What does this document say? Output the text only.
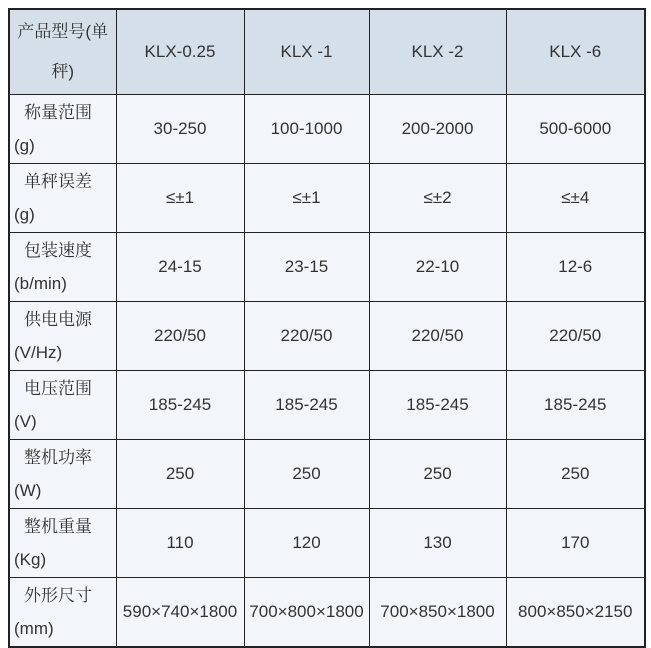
产品型号(单
秤)	KLX-0.25	KLX -1	KLX -2	KLX -6

称量范围
(g)	30-250	100-1000	200-2000	500-6000

单秤误差
(g)	≤±1	≤±1	≤±2	≤±4

包装速度
(b/min)	24-15	23-15	22-10	12-6

供电电源
(V/Hz)	220/50	220/50	220/50	220/50

电压范围
(V)	185-245	185-245	185-245	185-245

整机功率
(W)	250	250	250	250

整机重量
(Kg)	110	120	130	170

外形尺寸
(mm)	590×740×1800	700×800×1800	700×850×1800	800×850×2150
